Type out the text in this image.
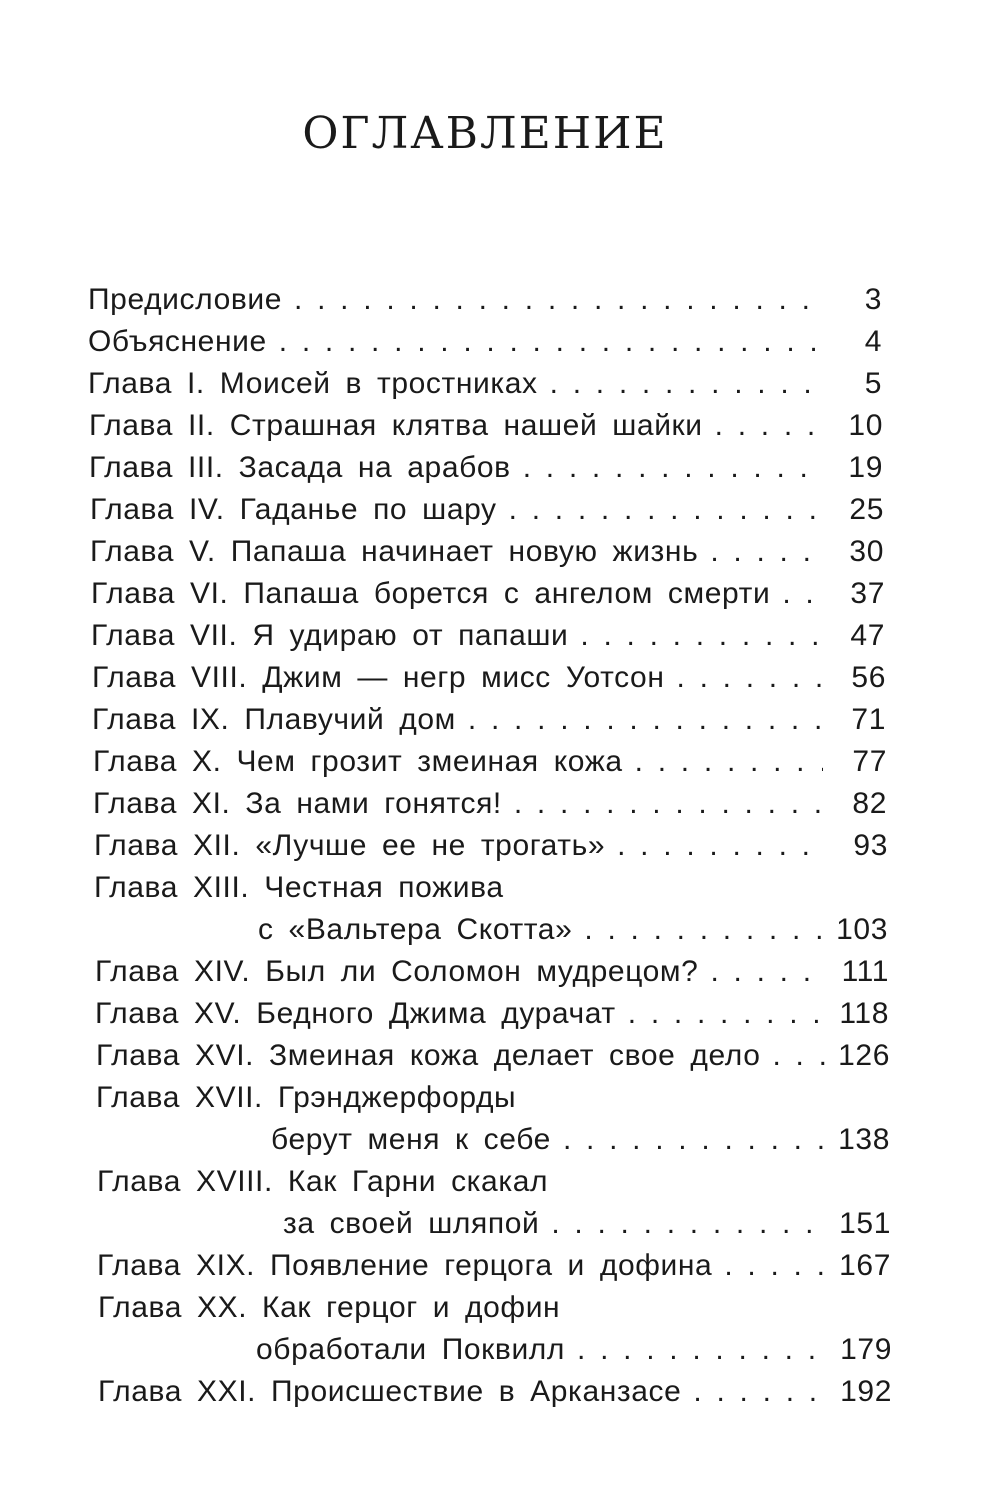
ОГЛАВЛЕНИЕ
Предисловие . . .	3
Объяснение . . .	4
Глава I. Моисей в тростниках . . .	5
Глава II. Страшная клятва нашей шайки . . .	10
Глава III. Засада на арабов . . .	19
Глава IV. Гаданье по шару . . .	25
Глава V. Папаша начинает новую жизнь . . .	30
Глава VI. Папаша борется с ангелом смерти . . .	37
Глава VII. Я удираю от папаши . . .	47
Глава VIII. Джим — негр мисс Уотсон . . .	56
Глава IX. Плавучий дом . . .	71
Глава X. Чем грозит змеиная кожа . . .	77
Глава XI. За нами гонятся! . . .	82
Глава XII. «Лучше ее не трогать» . . .	93
Глава XIII. Честная пожива
с «Вальтера Скотта» . . .	103
Глава XIV. Был ли Соломон мудрецом? . . .	111
Глава XV. Бедного Джима дурачат . . .	118
Глава XVI. Змеиная кожа делает свое дело . . .	126
Глава XVII. Грэнджерфорды
берут меня к себе . . .	138
Глава XVIII. Как Гарни скакал
за своей шляпой . . .	151
Глава XIX. Появление герцога и дофина . . .	167
Глава XX. Как герцог и дофин
обработали Поквилл . . .	179
Глава XXI. Происшествие в Арканзасе . . .	192
